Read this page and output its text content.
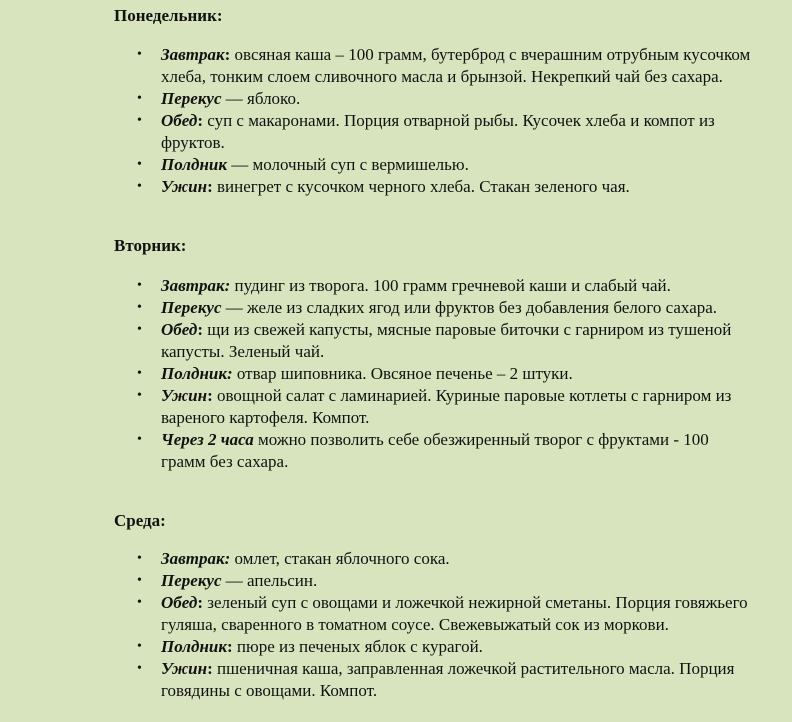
Понедельник:

• Завтрак: овсяная каша – 100 грамм, бутерброд с вчерашним отрубным кусочком хлеба, тонким слоем сливочного масла и брынзой. Некрепкий чай без сахара.
• Перекус — яблоко.
• Обед: суп с макаронами. Порция отварной рыбы. Кусочек хлеба и компот из фруктов.
• Полдник — молочный суп с вермишелью.
• Ужин: винегрет с кусочком черного хлеба. Стакан зеленого чая.

Вторник:

• Завтрак: пудинг из творога. 100 грамм гречневой каши и слабый чай.
• Перекус — желе из сладких ягод или фруктов без добавления белого сахара.
• Обед: щи из свежей капусты, мясные паровые биточки с гарниром из тушеной капусты. Зеленый чай.
• Полдник: отвар шиповника. Овсяное печенье – 2 штуки.
• Ужин: овощной салат с ламинарией. Куриные паровые котлеты с гарниром из вареного картофеля. Компот.
• Через 2 часа можно позволить себе обезжиренный творог с фруктами - 100 грамм без сахара.

Среда:

• Завтрак: омлет, стакан яблочного сока.
• Перекус — апельсин.
• Обед: зеленый суп с овощами и ложечкой нежирной сметаны. Порция говяжьего гуляша, сваренного в томатном соусе. Свежевыжатый сок из моркови.
• Полдник: пюре из печеных яблок с курагой.
• Ужин: пшеничная каша, заправленная ложечкой растительного масла. Порция говядины с овощами. Компот.
